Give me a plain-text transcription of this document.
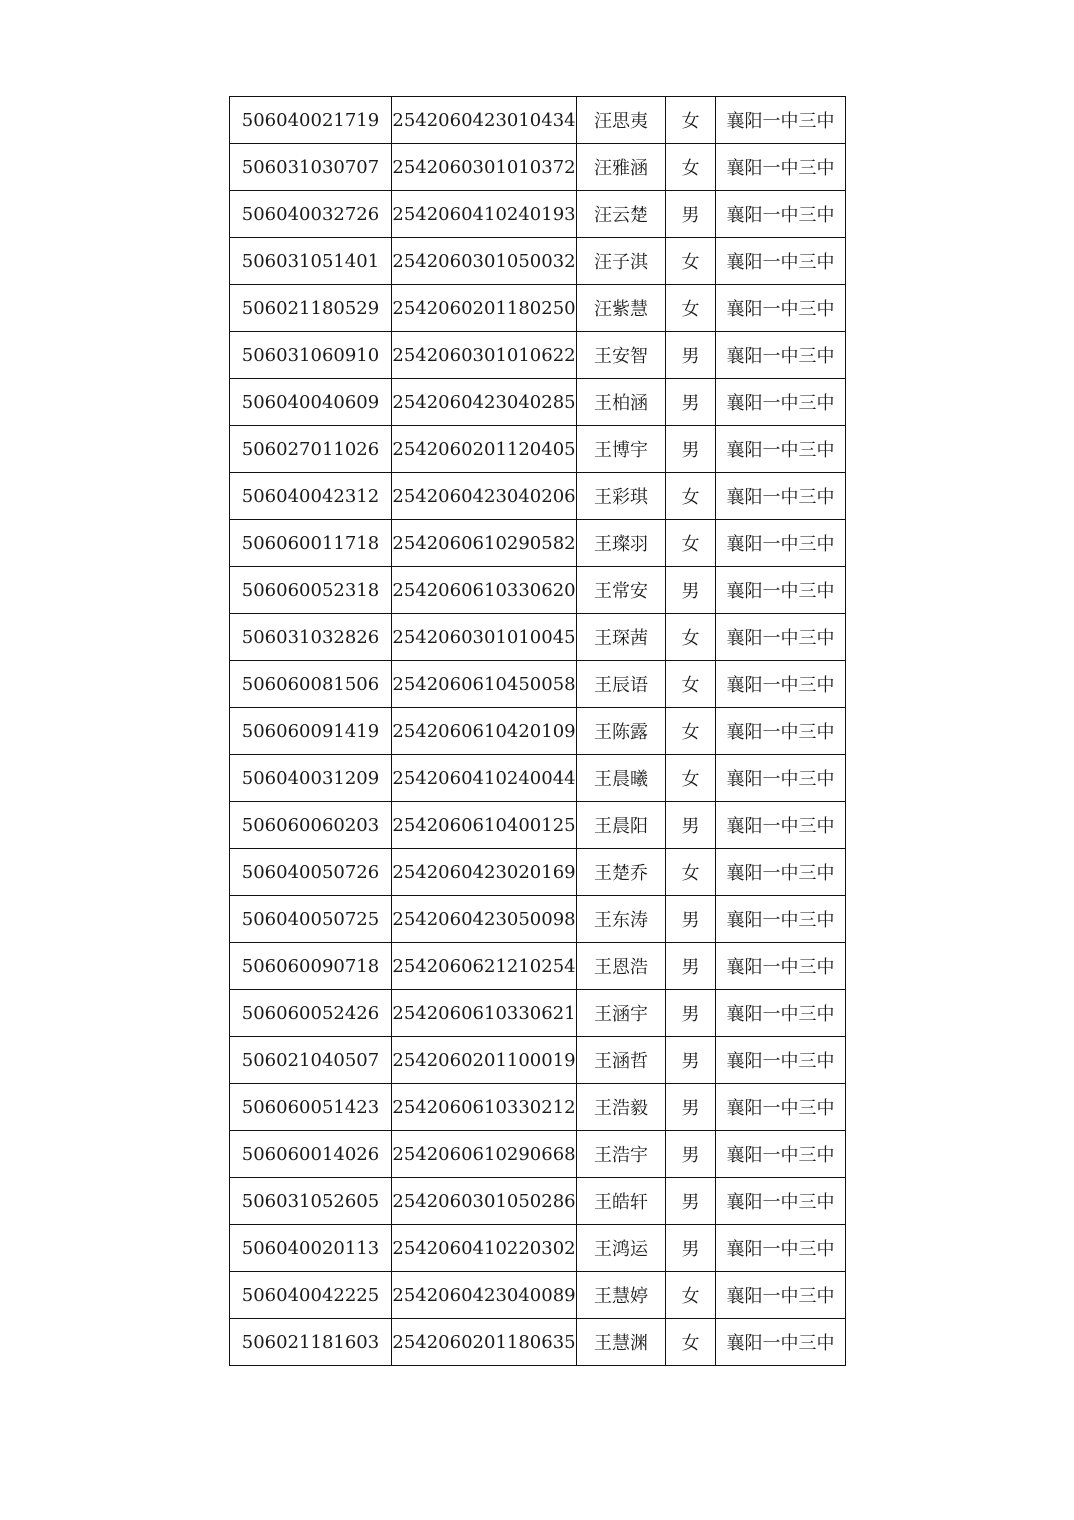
506040021719	2542060423010434	汪思夷	女	襄阳一中三中
506031030707	2542060301010372	汪雅涵	女	襄阳一中三中
506040032726	2542060410240193	汪云楚	男	襄阳一中三中
506031051401	2542060301050032	汪子淇	女	襄阳一中三中
506021180529	2542060201180250	汪紫慧	女	襄阳一中三中
506031060910	2542060301010622	王安智	男	襄阳一中三中
506040040609	2542060423040285	王柏涵	男	襄阳一中三中
506027011026	2542060201120405	王博宇	男	襄阳一中三中
506040042312	2542060423040206	王彩琪	女	襄阳一中三中
506060011718	2542060610290582	王璨羽	女	襄阳一中三中
506060052318	2542060610330620	王常安	男	襄阳一中三中
506031032826	2542060301010045	王琛茜	女	襄阳一中三中
506060081506	2542060610450058	王辰语	女	襄阳一中三中
506060091419	2542060610420109	王陈露	女	襄阳一中三中
506040031209	2542060410240044	王晨曦	女	襄阳一中三中
506060060203	2542060610400125	王晨阳	男	襄阳一中三中
506040050726	2542060423020169	王楚乔	女	襄阳一中三中
506040050725	2542060423050098	王东涛	男	襄阳一中三中
506060090718	2542060621210254	王恩浩	男	襄阳一中三中
506060052426	2542060610330621	王涵宇	男	襄阳一中三中
506021040507	2542060201100019	王涵哲	男	襄阳一中三中
506060051423	2542060610330212	王浩毅	男	襄阳一中三中
506060014026	2542060610290668	王浩宇	男	襄阳一中三中
506031052605	2542060301050286	王皓轩	男	襄阳一中三中
506040020113	2542060410220302	王鸿运	男	襄阳一中三中
506040042225	2542060423040089	王慧婷	女	襄阳一中三中
506021181603	2542060201180635	王慧渊	女	襄阳一中三中
